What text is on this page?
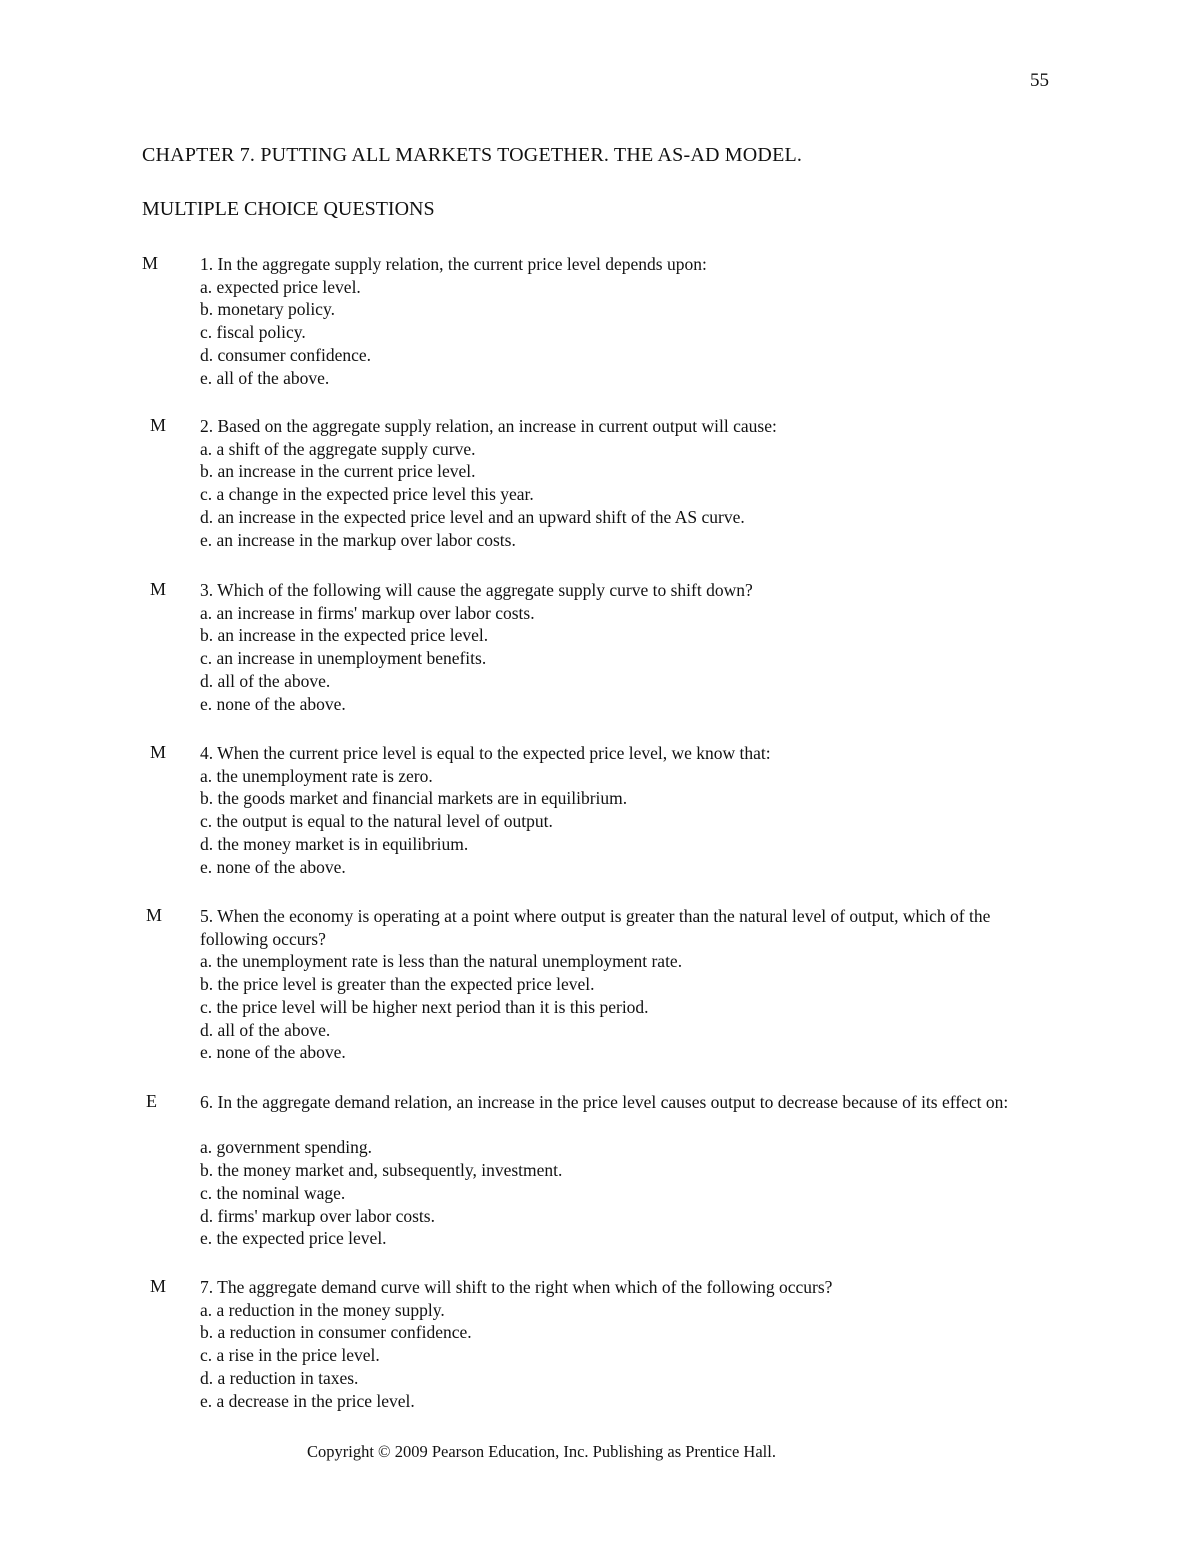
55
CHAPTER 7. PUTTING ALL MARKETS TOGETHER. THE AS-AD MODEL.
MULTIPLE CHOICE QUESTIONS
M 1. In the aggregate supply relation, the current price level depends upon:
a. expected price level.
b. monetary policy.
c. fiscal policy.
d. consumer confidence.
e. all of the above.
M 2. Based on the aggregate supply relation, an increase in current output will cause:
a. a shift of the aggregate supply curve.
b. an increase in the current price level.
c. a change in the expected price level this year.
d. an increase in the expected price level and an upward shift of the AS curve.
e. an increase in the markup over labor costs.
M 3. Which of the following will cause the aggregate supply curve to shift down?
a. an increase in firms' markup over labor costs.
b. an increase in the expected price level.
c. an increase in unemployment benefits.
d. all of the above.
e. none of the above.
M 4. When the current price level is equal to the expected price level, we know that:
a. the unemployment rate is zero.
b. the goods market and financial markets are in equilibrium.
c. the output is equal to the natural level of output.
d. the money market is in equilibrium.
e. none of the above.
M 5. When the economy is operating at a point where output is greater than the natural level of output, which of the following occurs?
a. the unemployment rate is less than the natural unemployment rate.
b. the price level is greater than the expected price level.
c. the price level will be higher next period than it is this period.
d. all of the above.
e. none of the above.
E 6. In the aggregate demand relation, an increase in the price level causes output to decrease because of its effect on:
a. government spending.
b. the money market and, subsequently, investment.
c. the nominal wage.
d. firms' markup over labor costs.
e. the expected price level.
M 7. The aggregate demand curve will shift to the right when which of the following occurs?
a. a reduction in the money supply.
b. a reduction in consumer confidence.
c. a rise in the price level.
d. a reduction in taxes.
e. a decrease in the price level.
Copyright © 2009 Pearson Education, Inc. Publishing as Prentice Hall.
